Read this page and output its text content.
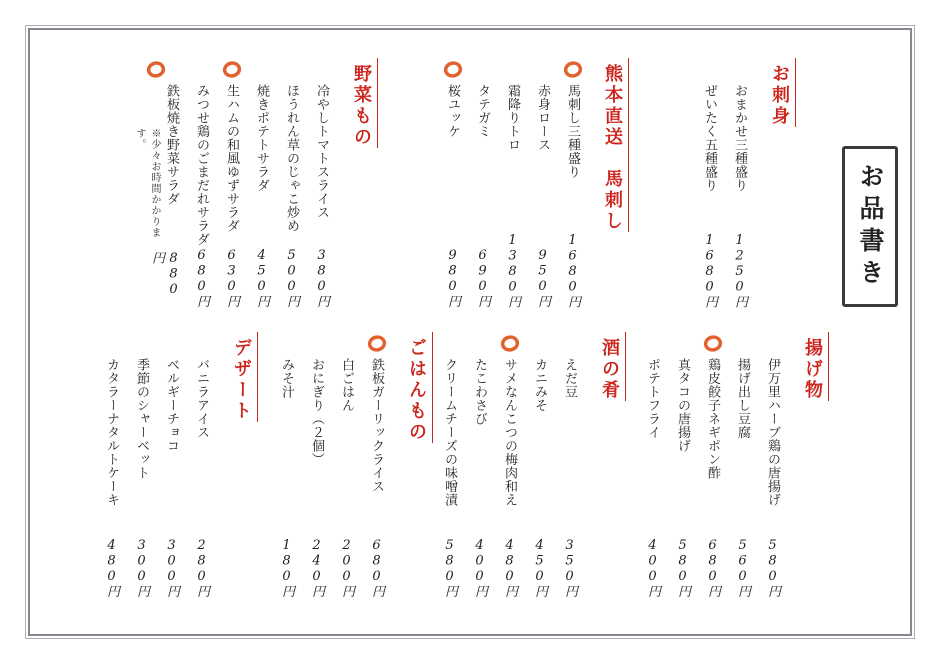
お品書き
お刺身
おまかせ三種盛り
1250円
ぜいたく五種盛り
1680円
熊本直送　馬刺し
馬刺し三種盛り
1680円
赤身ロース
950円
霜降りトロ
1380円
タテガミ
690円
桜ユッケ
980円
野菜もの
冷やしトマトスライス
380円
ほうれん草のじゃこ炒め
500円
焼きポテトサラダ
450円
生ハムの和風ゆずサラダ
630円
みつせ鶏のごまだれサラダ
680円
鉄板焼き野菜サラダ
※少々お時間かかります。
880円
揚げ物
伊万里ハーブ鶏の唐揚げ
580円
揚げ出し豆腐
560円
鶏皮餃子ネギポン酢
680円
真タコの唐揚げ
580円
ポテトフライ
400円
酒の肴
えだ豆
350円
カニみそ
450円
サメなんこつの梅肉和え
480円
たこわさび
400円
クリームチーズの味噌漬
580円
ごはんもの
鉄板ガーリックライス
680円
白ごはん
200円
おにぎり（２個）
240円
みそ汁
180円
デザート
バニラアイス
280円
ベルギーチョコ
300円
季節のシャーベット
300円
カタラーナタルトケーキ
480円
